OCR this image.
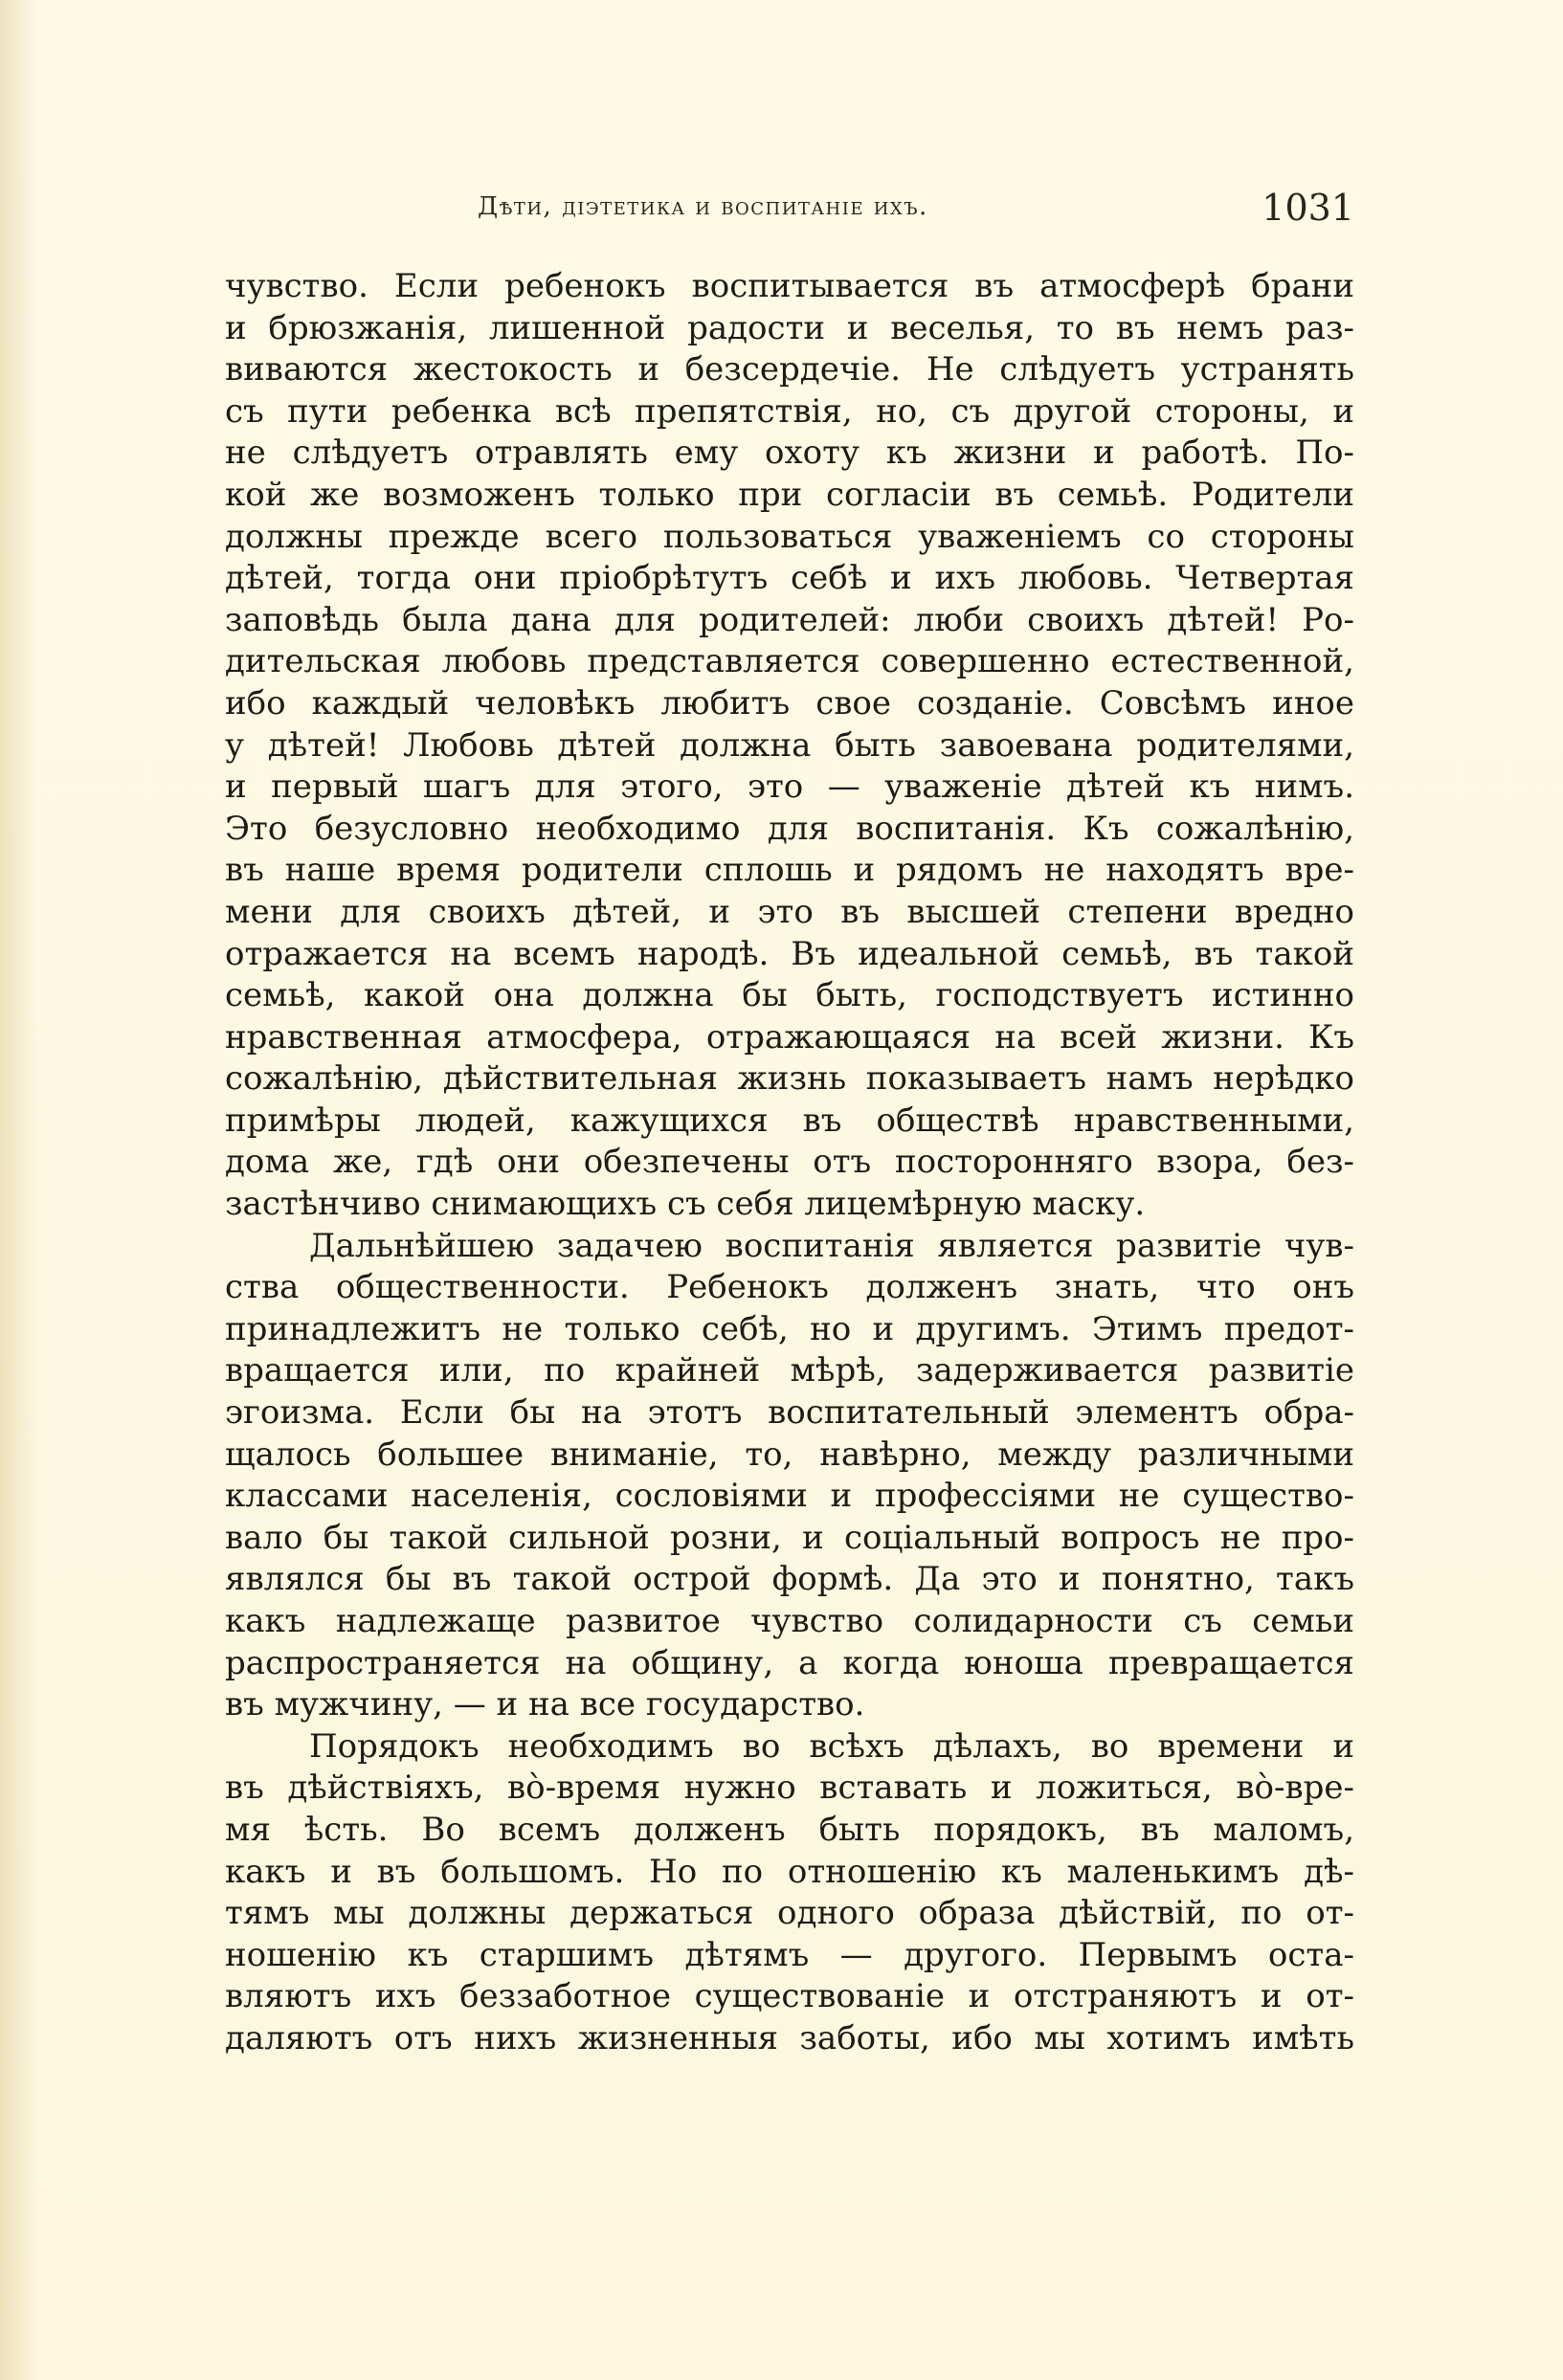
Дѣти, діэтетика и воспитаніе ихъ.	1031
чувство. Если ребенокъ воспитывается въ атмосферѣ брани
и брюзжанія, лишенной радости и веселья, то въ немъ раз-
виваются жестокость и безсердечіе. Не слѣдуетъ устранять
съ пути ребенка всѣ препятствія, но, съ другой стороны, и
не слѣдуетъ отравлять ему охоту къ жизни и работѣ. По-
кой же возможенъ только при согласіи въ семьѣ. Родители
должны прежде всего пользоваться уваженіемъ со стороны
дѣтей, тогда они пріобрѣтутъ себѣ и ихъ любовь. Четвертая
заповѣдь была дана для родителей: люби своихъ дѣтей! Ро-
дительская любовь представляется совершенно естественной,
ибо каждый человѣкъ любитъ свое созданіе. Совсѣмъ иное
у дѣтей! Любовь дѣтей должна быть завоевана родителями,
и первый шагъ для этого, это — уваженіе дѣтей къ нимъ.
Это безусловно необходимо для воспитанія. Къ сожалѣнію,
въ наше время родители сплошь и рядомъ не находятъ вре-
мени для своихъ дѣтей, и это въ высшей степени вредно
отражается на всемъ народѣ. Въ идеальной семьѣ, въ такой
семьѣ, какой она должна бы быть, господствуетъ истинно
нравственная атмосфера, отражающаяся на всей жизни. Къ
сожалѣнію, дѣйствительная жизнь показываетъ намъ нерѣдко
примѣры людей, кажущихся въ обществѣ нравственными,
дома же, гдѣ они обезпечены отъ посторонняго взора, без-
застѣнчиво снимающихъ съ себя лицемѣрную маску.
Дальнѣйшею задачею воспитанія является развитіе чув-
ства общественности. Ребенокъ долженъ знать, что онъ
принадлежитъ не только себѣ, но и другимъ. Этимъ предот-
вращается или, по крайней мѣрѣ, задерживается развитіе
эгоизма. Если бы на этотъ воспитательный элементъ обра-
щалось большее вниманіе, то, навѣрно, между различными
классами населенія, сословіями и профессіями не существо-
вало бы такой сильной розни, и соціальный вопросъ не про-
являлся бы въ такой острой формѣ. Да это и понятно, такъ
какъ надлежаще развитое чувство солидарности съ семьи
распространяется на общину, а когда юноша превращается
въ мужчину, — и на все государство.
Порядокъ необходимъ во всѣхъ дѣлахъ, во времени и
въ дѣйствіяхъ, во̀-время нужно вставать и ложиться, во̀-вре-
мя ѣсть. Во всемъ долженъ быть порядокъ, въ маломъ,
какъ и въ большомъ. Но по отношенію къ маленькимъ дѣ-
тямъ мы должны держаться одного образа дѣйствій, по от-
ношенію къ старшимъ дѣтямъ — другого. Первымъ оста-
вляютъ ихъ беззаботное существованіе и отстраняютъ и от-
даляютъ отъ нихъ жизненныя заботы, ибо мы хотимъ имѣть
